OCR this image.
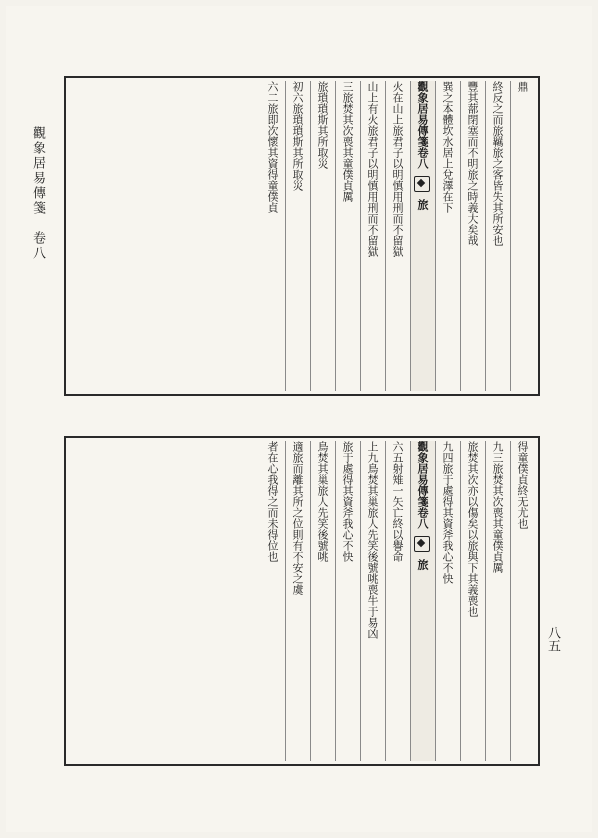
觀象居易傳箋　卷八
八五
鼎
終反之而旅羈旅之客皆失其所安也
豐其蔀閉塞而不明旅之時義大矣哉
巽之本體坎水居上兌澤在下
觀象居易傳箋卷八  旅
火在山上旅君子以明慎用刑而不留獄
山上有火旅君子以明慎用刑而不留獄
三旅焚其次喪其童僕貞厲
旅瑣瑣斯其所取災
初六旅瑣瑣斯其所取災
六二旅即次懷其資得童僕貞
得童僕貞終无尤也
九三旅焚其次喪其童僕貞厲
旅焚其次亦以傷矣以旅與下其義喪也
九四旅于處得其資斧我心不快
觀象居易傳箋卷八  旅
六五射雉一矢亡終以譽命
上九鳥焚其巢旅人先笑後號咷喪牛于易凶
旅于處得其資斧我心不快
鳥焚其巢旅人先笑後號咷
適旅而離其所之位則有不安之虞
者在心我得之而未得位也
